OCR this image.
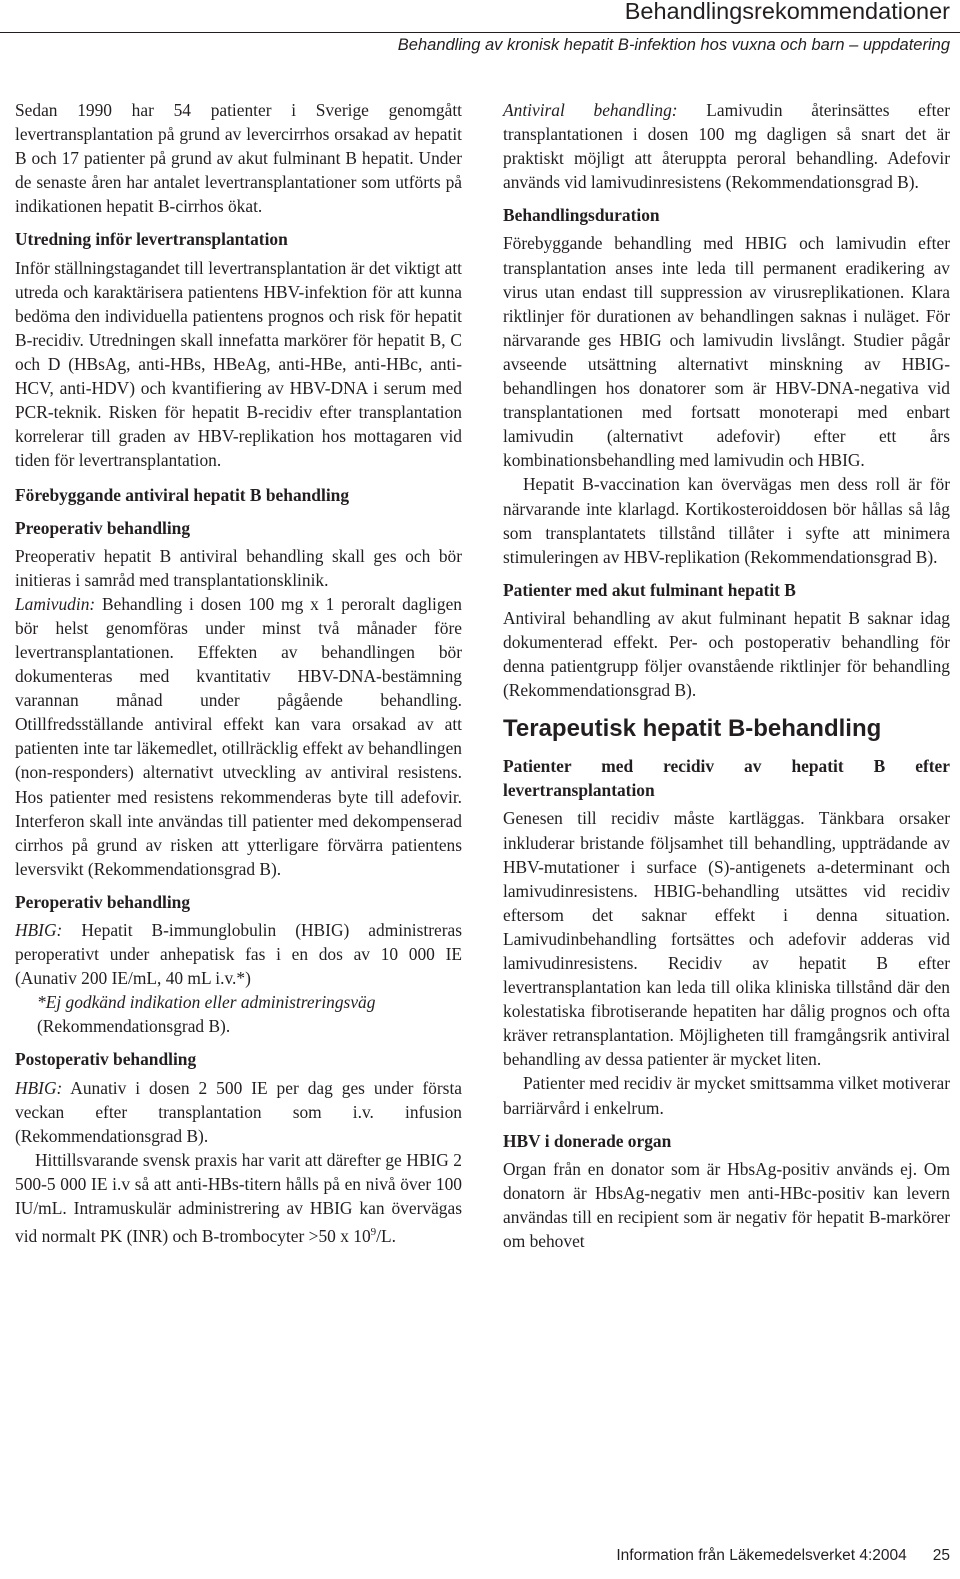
Behandlingsrekommendationer
Behandling av kronisk hepatit B-infektion hos vuxna och barn – uppdatering

Sedan 1990 har 54 patienter i Sverige genomgått levertransplantation på grund av levercirrhos orsakad av hepatit B och 17 patienter på grund av akut fulminant B hepatit. Under de senaste åren har antalet levertransplantationer som utförts på indikationen hepatit B-cirrhos ökat.

Utredning inför levertransplantation

Inför ställningstagandet till levertransplantation är det viktigt att utreda och karaktärisera patientens HBV-infektion för att kunna bedöma den individuella patientens prognos och risk för hepatit B-recidiv. Utredningen skall innefatta markörer för hepatit B, C och D (HBsAg, anti-HBs, HBeAg, anti-HBe, anti-HBc, anti-HCV, anti-HDV) och kvantifiering av HBV-DNA i serum med PCR-teknik. Risken för hepatit B-recidiv efter transplantation korrelerar till graden av HBV-replikation hos mottagaren vid tiden för levertransplantation.

Förebyggande antiviral hepatit B behandling
Preoperativ behandling

Preoperativ hepatit B antiviral behandling skall ges och bör initieras i samråd med transplantationsklinik.

Lamivudin: Behandling i dosen 100 mg x 1 peroralt dagligen bör helst genomföras under minst två månader före levertransplantationen. Effekten av behandlingen bör dokumenteras med kvantitativ HBV-DNA-bestämning varannan månad under pågående behandling. Otillfredsställande antiviral effekt kan vara orsakad av att patienten inte tar läkemedlet, otillräcklig effekt av behandlingen (non-responders) alternativt utveckling av antiviral resistens. Hos patienter med resistens rekommenderas byte till adefovir. Interferon skall inte användas till patienter med dekompenserad cirrhos på grund av risken att ytterligare förvärra patientens leversvikt (Rekommendationsgrad B).

Peroperativ behandling

HBIG: Hepatit B-immunglobulin (HBIG) administreras peroperativt under anhepatisk fas i en dos av 10 000 IE (Aunativ 200 IE/mL, 40 mL i.v.*)

*Ej godkänd indikation eller administreringsväg

(Rekommendationsgrad B).

Postoperativ behandling

HBIG: Aunativ i dosen 2 500 IE per dag ges under första veckan efter transplantation som i.v. infusion (Rekommendationsgrad B).

Hittillsvarande svensk praxis har varit att därefter ge HBIG 2 500-5 000 IE i.v så att anti-HBs-titern hålls på en nivå över 100 IU/mL. Intramuskulär administrering av HBIG kan övervägas vid normalt PK (INR) och B-trombocyter >50 x $10^9/L$.

Antiviral behandling: Lamivudin återinsättes efter transplantationen i dosen 100 mg dagligen så snart det är praktiskt möjligt att återuppta peroral behandling. Adefovir används vid lamivudinresistens (Rekommendationsgrad B).

Behandlingsduration

Förebyggande behandling med HBIG och lamivudin efter transplantation anses inte leda till permanent eradikering av virus utan endast till suppression av virusreplikationen. Klara riktlinjer för durationen av behandlingen saknas i nuläget. För närvarande ges HBIG och lamivudin livslångt. Studier pågår avseende utsättning alternativt minskning av HBIG-behandlingen hos donatorer som är HBV-DNA-negativa vid transplantationen med fortsatt monoterapi med enbart lamivudin (alternativt adefovir) efter ett års kombinationsbehandling med lamivudin och HBIG.

Hepatit B-vaccination kan övervägas men dess roll är för närvarande inte klarlagd. Kortikosteroiddosen bör hållas så låg som transplantatets tillstånd tillåter i syfte att minimera stimuleringen av HBV-replikation (Rekommendationsgrad B).

Patienter med akut fulminant hepatit B

Antiviral behandling av akut fulminant hepatit B saknar idag dokumenterad effekt. Per- och postoperativ behandling för denna patientgrupp följer ovanstående riktlinjer för behandling (Rekommendationsgrad B).

Terapeutisk hepatit B-behandling
Patienter med recidiv av hepatit B efter levertransplantation

Genesen till recidiv måste kartläggas. Tänkbara orsaker inkluderar bristande följsamhet till behandling, uppträdande av HBV-mutationer i surface (S)-antigenets a-determinant och lamivudinresistens. HBIG-behandling utsättes vid recidiv eftersom det saknar effekt i denna situation. Lamivudinbehandling fortsättes och adefovir adderas vid lamivudinresistens. Recidiv av hepatit B efter levertransplantation kan leda till olika kliniska tillstånd där den kolestatiska fibrotiserande hepatiten har dålig prognos och ofta kräver retransplantation. Möjligheten till framgångsrik antiviral behandling av dessa patienter är mycket liten.

Patienter med recidiv är mycket smittsamma vilket motiverar barriärvård i enkelrum.

HBV i donerade organ

Organ från en donator som är HbsAg-positiv används ej. Om donatorn är HbsAg-negativ men anti-HBc-positiv kan levern användas till en recipient som är negativ för hepatit B-markörer om behovet

Information från Läkemedelsverket 4:2004 25
